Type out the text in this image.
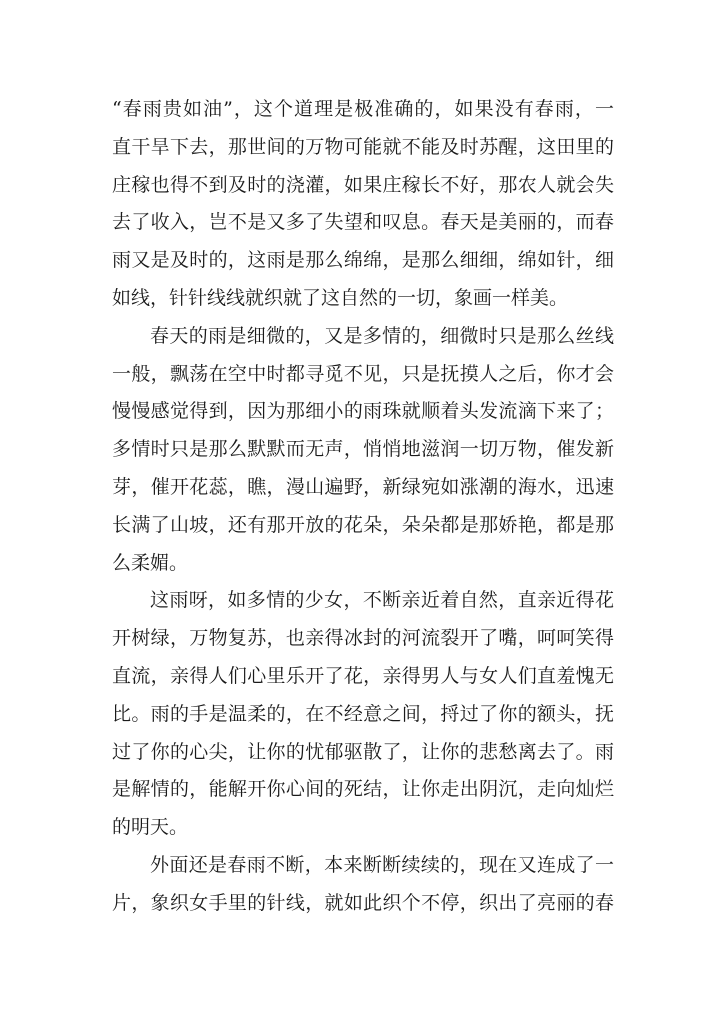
“春雨贵如油”，这个道理是极准确的，如果没有春雨，一
直干旱下去，那世间的万物可能就不能及时苏醒，这田里的
庄稼也得不到及时的浇灌，如果庄稼长不好，那农人就会失
去了收入，岂不是又多了失望和叹息。春天是美丽的，而春
雨又是及时的，这雨是那么绵绵，是那么细细，绵如针，细
如线，针针线线就织就了这自然的一切，象画一样美。
春天的雨是细微的，又是多情的，细微时只是那么丝线
一般，飘荡在空中时都寻觅不见，只是抚摸人之后，你才会
慢慢感觉得到，因为那细小的雨珠就顺着头发流滴下来了；
多情时只是那么默默而无声，悄悄地滋润一切万物，催发新
芽，催开花蕊，瞧，漫山遍野，新绿宛如涨潮的海水，迅速
长满了山坡，还有那开放的花朵，朵朵都是那娇艳，都是那
么柔媚。
这雨呀，如多情的少女，不断亲近着自然，直亲近得花
开树绿，万物复苏，也亲得冰封的河流裂开了嘴，呵呵笑得
直流，亲得人们心里乐开了花，亲得男人与女人们直羞愧无
比。雨的手是温柔的，在不经意之间，捋过了你的额头，抚
过了你的心尖，让你的忧郁驱散了，让你的悲愁离去了。雨
是解情的，能解开你心间的死结，让你走出阴沉，走向灿烂
的明天。
外面还是春雨不断，本来断断续续的，现在又连成了一
片，象织女手里的针线，就如此织个不停，织出了亮丽的春
